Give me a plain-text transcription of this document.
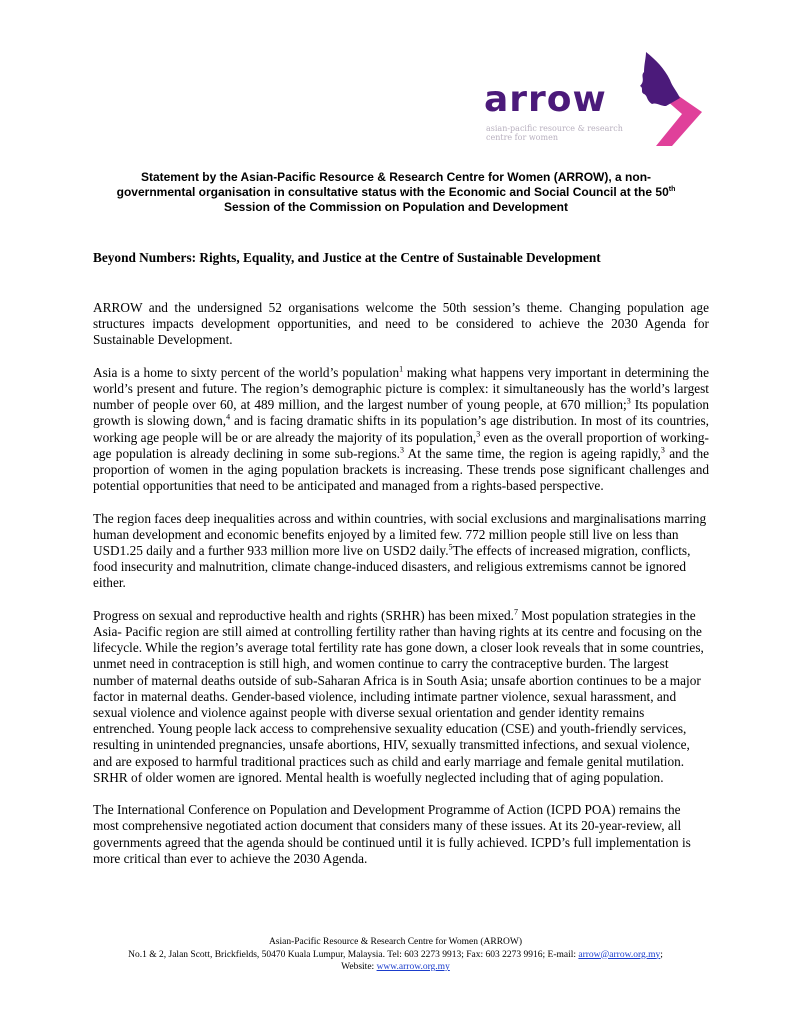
arrow
asian-pacific resource & research centre for women
Statement by the Asian-Pacific Resource & Research Centre for Women (ARROW), a non-
governmental organisation in consultative status with the Economic and Social Council at the 50th
Session of the Commission on Population and Development
Beyond Numbers: Rights, Equality, and Justice at the Centre of Sustainable Development

ARROW and the undersigned 52 organisations welcome the 50th session’s theme. Changing population age structures impacts development opportunities, and need to be considered to achieve the 2030 Agenda for Sustainable Development.

Asia is a home to sixty percent of the world’s population$^1$ making what happens very important in determining the world’s present and future. The region’s demographic picture is complex: it simultaneously has the world’s largest number of people over 60, at 489 million, and the largest number of young people, at 670 million;$^3$ Its population growth is slowing down,$^4$ and is facing dramatic shifts in its population’s age distribution. In most of its countries, working age people will be or are already the majority of its population,$^3$ even as the overall proportion of working-age population is already declining in some sub-regions.$^3$ At the same time, the region is ageing rapidly,$^3$ and the proportion of women in the aging population brackets is increasing. These trends pose significant challenges and potential opportunities that need to be anticipated and managed from a rights-based perspective.

The region faces deep inequalities across and within countries, with social exclusions and marginalisations marring human development and economic benefits enjoyed by a limited few. 772 million people still live on less than USD1.25 daily and a further 933 million more live on USD2 daily.$^5$The effects of increased migration, conflicts, food insecurity and malnutrition, climate change-induced disasters, and religious extremisms cannot be ignored either.

Progress on sexual and reproductive health and rights (SRHR) has been mixed.$^7$ Most population strategies in the Asia- Pacific region are still aimed at controlling fertility rather than having rights at its centre and focusing on the lifecycle. While the region’s average total fertility rate has gone down, a closer look reveals that in some countries, unmet need in contraception is still high, and women continue to carry the contraceptive burden. The largest number of maternal deaths outside of sub-Saharan Africa is in South Asia; unsafe abortion continues to be a major factor in maternal deaths. Gender-based violence, including intimate partner violence, sexual harassment, and sexual violence and violence against people with diverse sexual orientation and gender identity remains entrenched. Young people lack access to comprehensive sexuality education (CSE) and youth-friendly services, resulting in unintended pregnancies, unsafe abortions, HIV, sexually transmitted infections, and sexual violence, and are exposed to harmful traditional practices such as child and early marriage and female genital mutilation. SRHR of older women are ignored. Mental health is woefully neglected including that of aging population.

The International Conference on Population and Development Programme of Action (ICPD POA) remains the most comprehensive negotiated action document that considers many of these issues. At its 20-year-review, all governments agreed that the agenda should be continued until it is fully achieved. ICPD’s full implementation is more critical than ever to achieve the 2030 Agenda.

Asian-Pacific Resource & Research Centre for Women (ARROW)
No.1 & 2, Jalan Scott, Brickfields, 50470 Kuala Lumpur, Malaysia. Tel: 603 2273 9913; Fax: 603 2273 9916; E-mail: arrow@arrow.org.my;
Website: www.arrow.org.my
